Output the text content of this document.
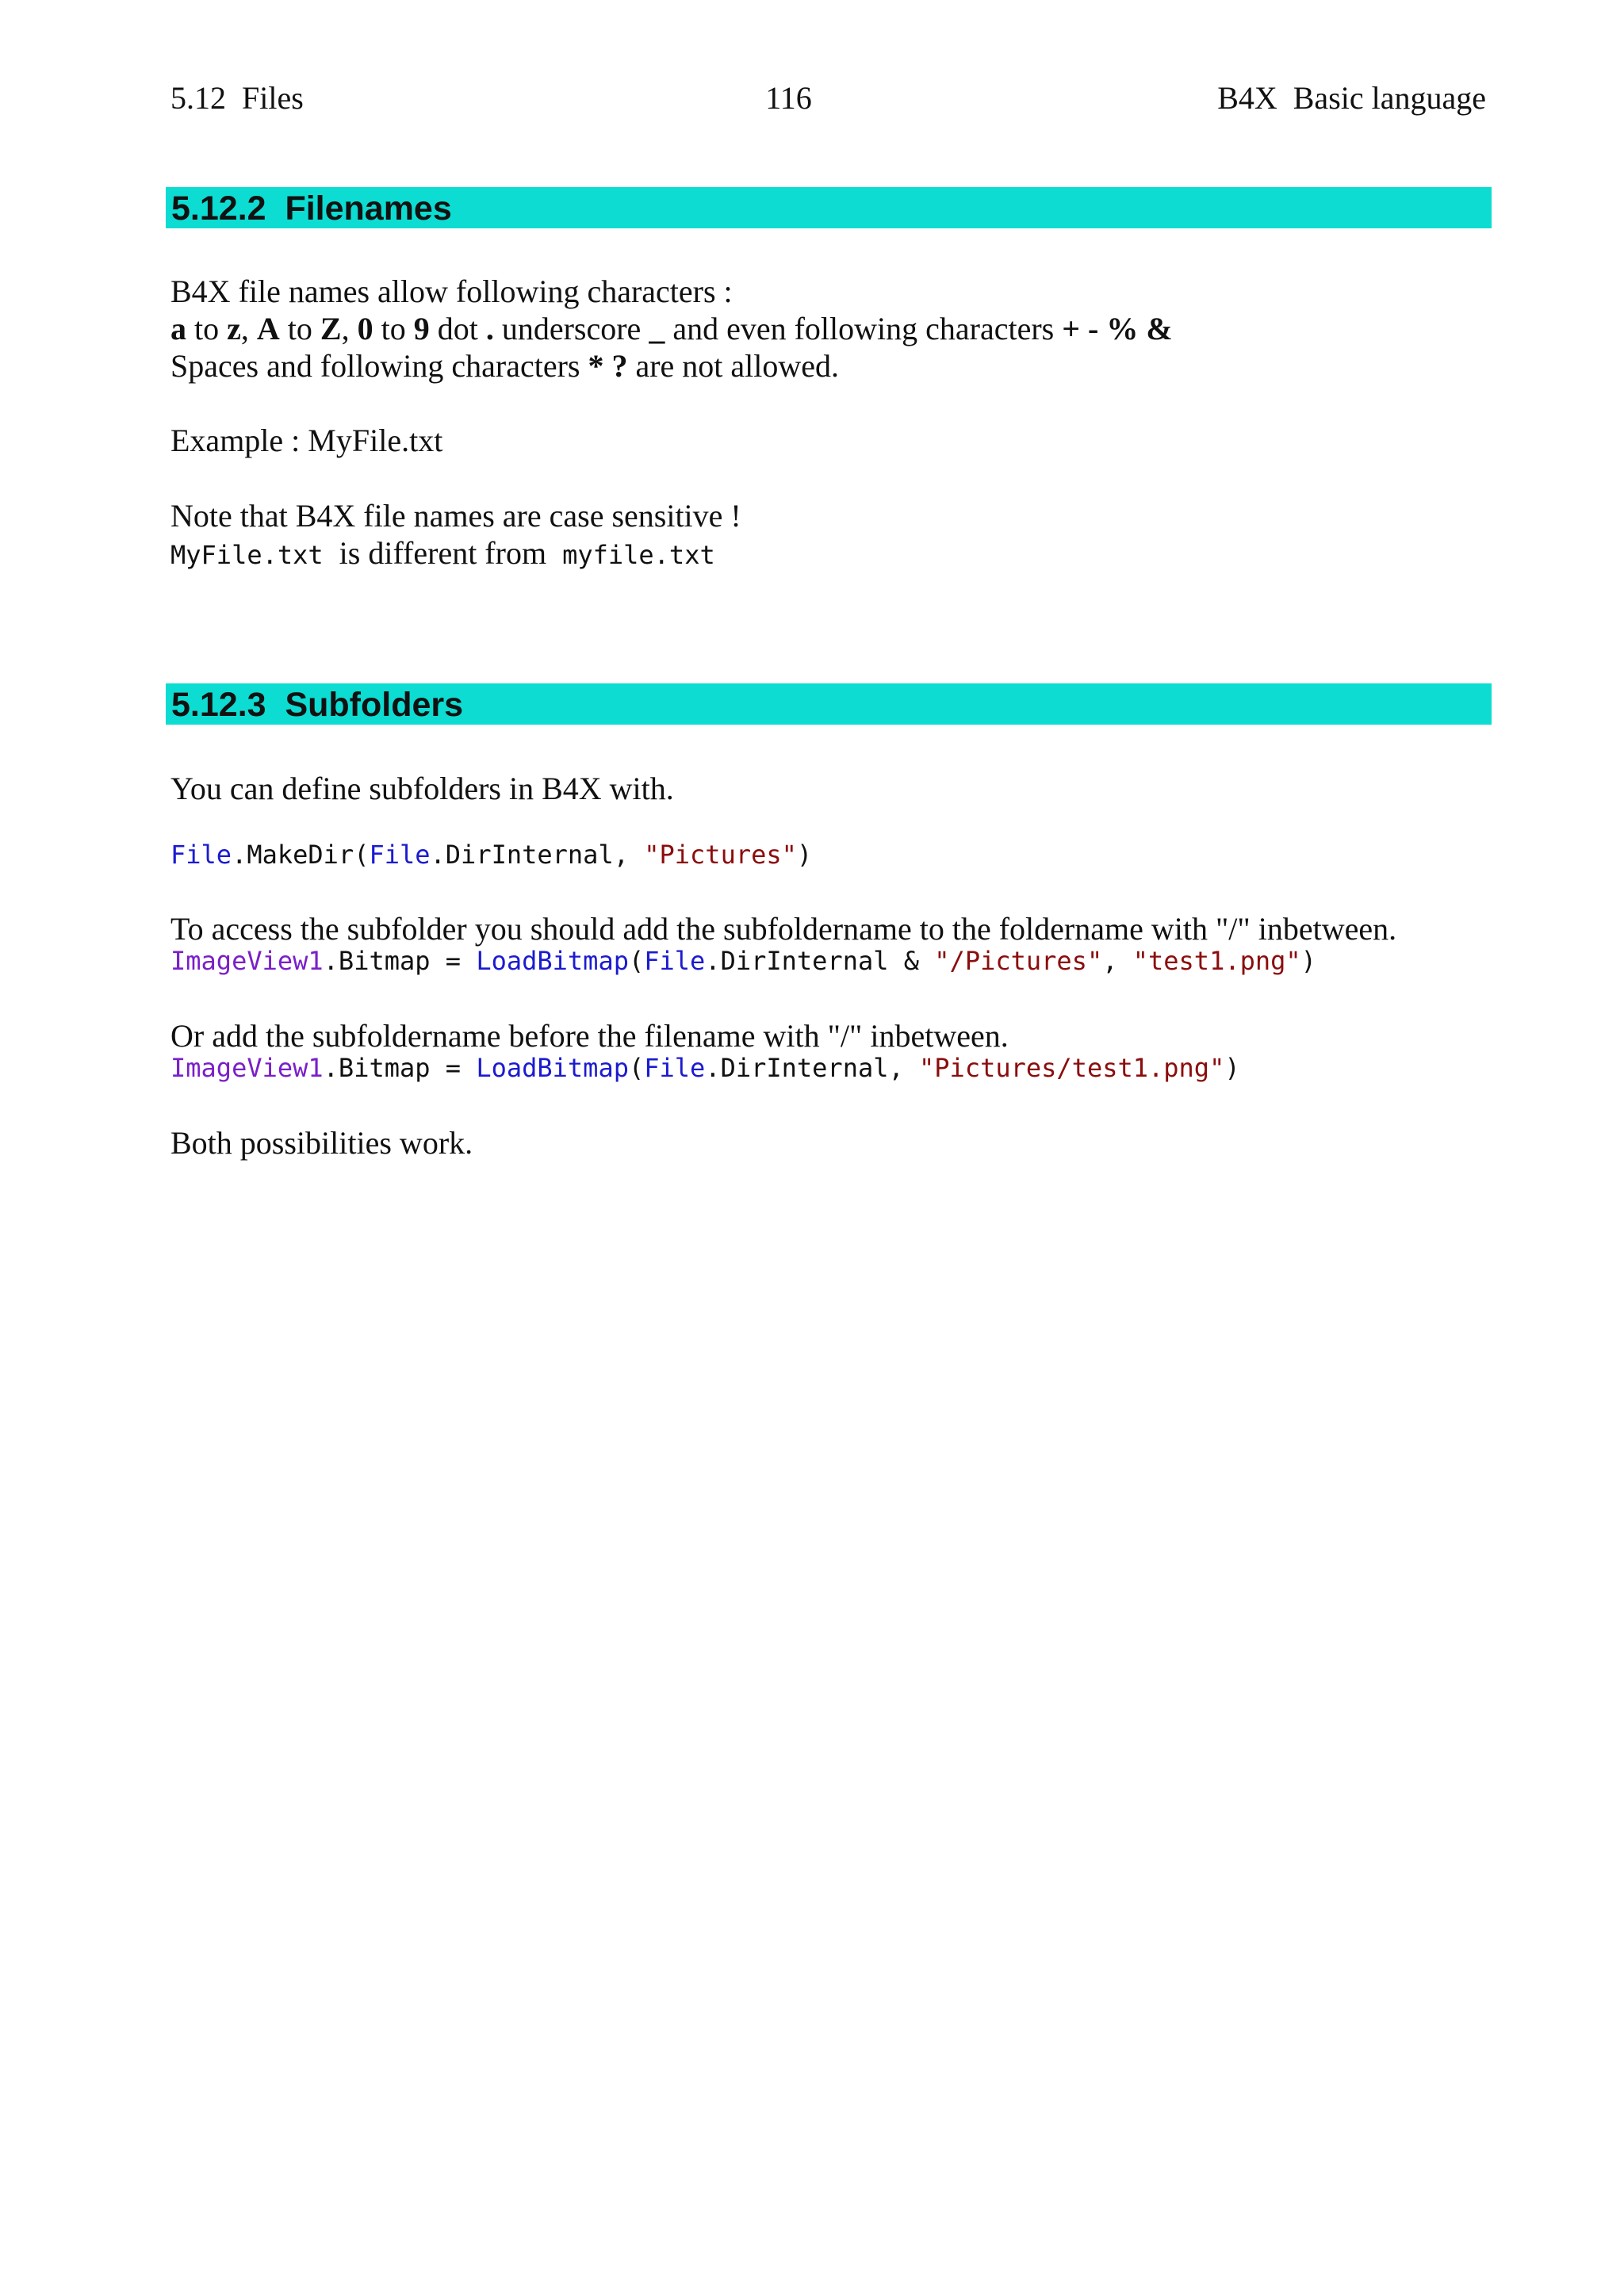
5.12  Files	116	B4X  Basic language
5.12.2  Filenames
B4X file names allow following characters :
a to z, A to Z, 0 to 9 dot . underscore _ and even following characters + - % &
Spaces and following characters * ? are not allowed.
Example : MyFile.txt
Note that B4X file names are case sensitive !
MyFile.txt  is different from  myfile.txt
5.12.3  Subfolders
You can define subfolders in B4X with.
File.MakeDir(File.DirInternal, "Pictures")
To access the subfolder you should add the subfoldername to the foldername with "/" inbetween.
ImageView1.Bitmap = LoadBitmap(File.DirInternal & "/Pictures", "test1.png")
Or add the subfoldername before the filename with "/" inbetween.
ImageView1.Bitmap = LoadBitmap(File.DirInternal, "Pictures/test1.png")
Both possibilities work.
